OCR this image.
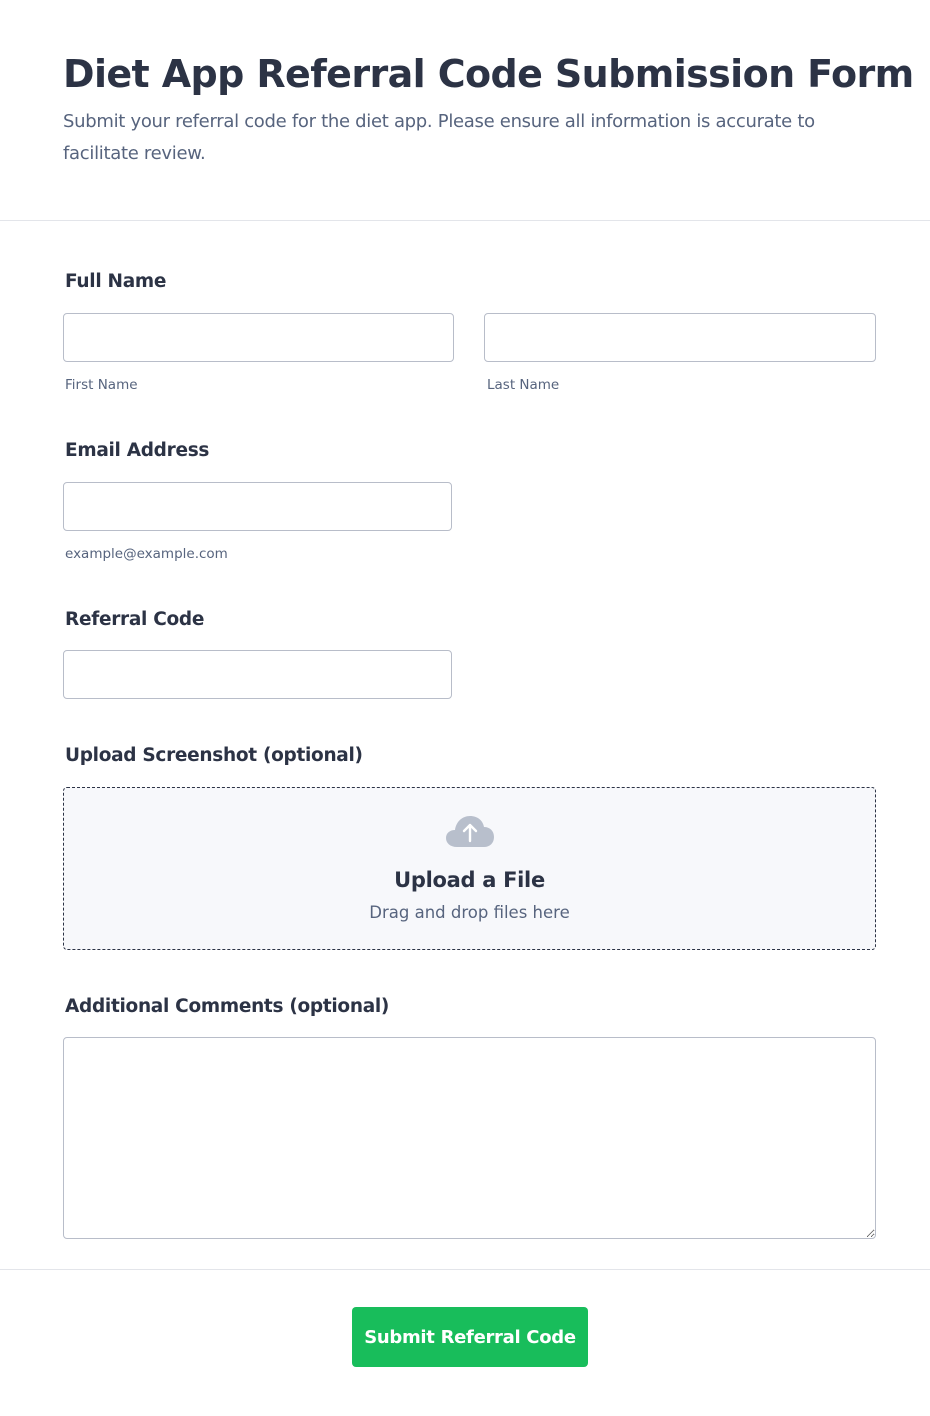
Diet App Referral Code Submission Form

Submit your referral code for the diet app. Please ensure all information is accurate to facilitate review.

Full Name
First Name	Last Name
Email Address
example@example.com
Referral Code
Upload Screenshot (optional)
Upload a File
Drag and drop files here
Additional Comments (optional)
Submit Referral Code
